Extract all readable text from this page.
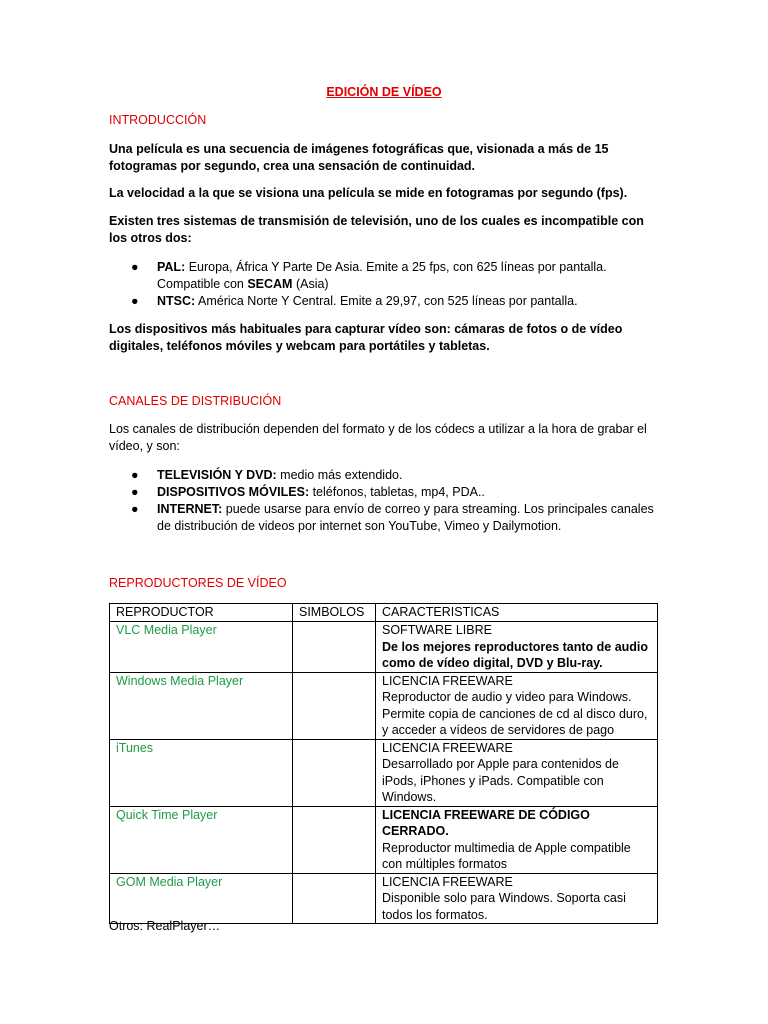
EDICIÓN DE VÍDEO
INTRODUCCIÓN
Una película es una secuencia de imágenes fotográficas que, visionada a más de 15 fotogramas por segundo, crea una sensación de continuidad.
La velocidad a la que se visiona una película se mide en fotogramas por segundo (fps).
Existen tres sistemas de transmisión de televisión, uno de los cuales es incompatible con los otros dos:
● PAL: Europa, África Y Parte De Asia. Emite a 25 fps, con 625 líneas por pantalla. Compatible con SECAM (Asia)
● NTSC: América Norte Y Central. Emite a 29,97, con 525 líneas por pantalla.
Los dispositivos más habituales para capturar vídeo son: cámaras de fotos o de vídeo digitales, teléfonos móviles y webcam para portátiles y tabletas.
CANALES DE DISTRIBUCIÓN
Los canales de distribución dependen del formato y de los códecs a utilizar a la hora de grabar el vídeo, y son:
● TELEVISIÓN Y DVD: medio más extendido.
● DISPOSITIVOS MÓVILES: teléfonos, tabletas, mp4, PDA..
● INTERNET: puede usarse para envío de correo y para streaming. Los principales canales de distribución de videos por internet son YouTube, Vimeo y Dailymotion.
REPRODUCTORES DE VÍDEO
REPRODUCTOR	SIMBOLOS	CARACTERISTICAS
VLC Media Player		SOFTWARE LIBRE
De los mejores reproductores tanto de audio como de vídeo digital, DVD y Blu-ray.
Windows Media Player		LICENCIA FREEWARE
Reproductor de audio y video para Windows. Permite copia de canciones de cd al disco duro, y acceder a vídeos de servidores de pago
iTunes		LICENCIA FREEWARE
Desarrollado por Apple para contenidos de iPods, iPhones y iPads. Compatible con Windows.
Quick Time Player		LICENCIA FREEWARE DE CÓDIGO CERRADO.
Reproductor multimedia de Apple compatible con múltiples formatos
GOM Media Player		LICENCIA FREEWARE
Disponible solo para Windows. Soporta casi todos los formatos.
Otros: RealPlayer…
